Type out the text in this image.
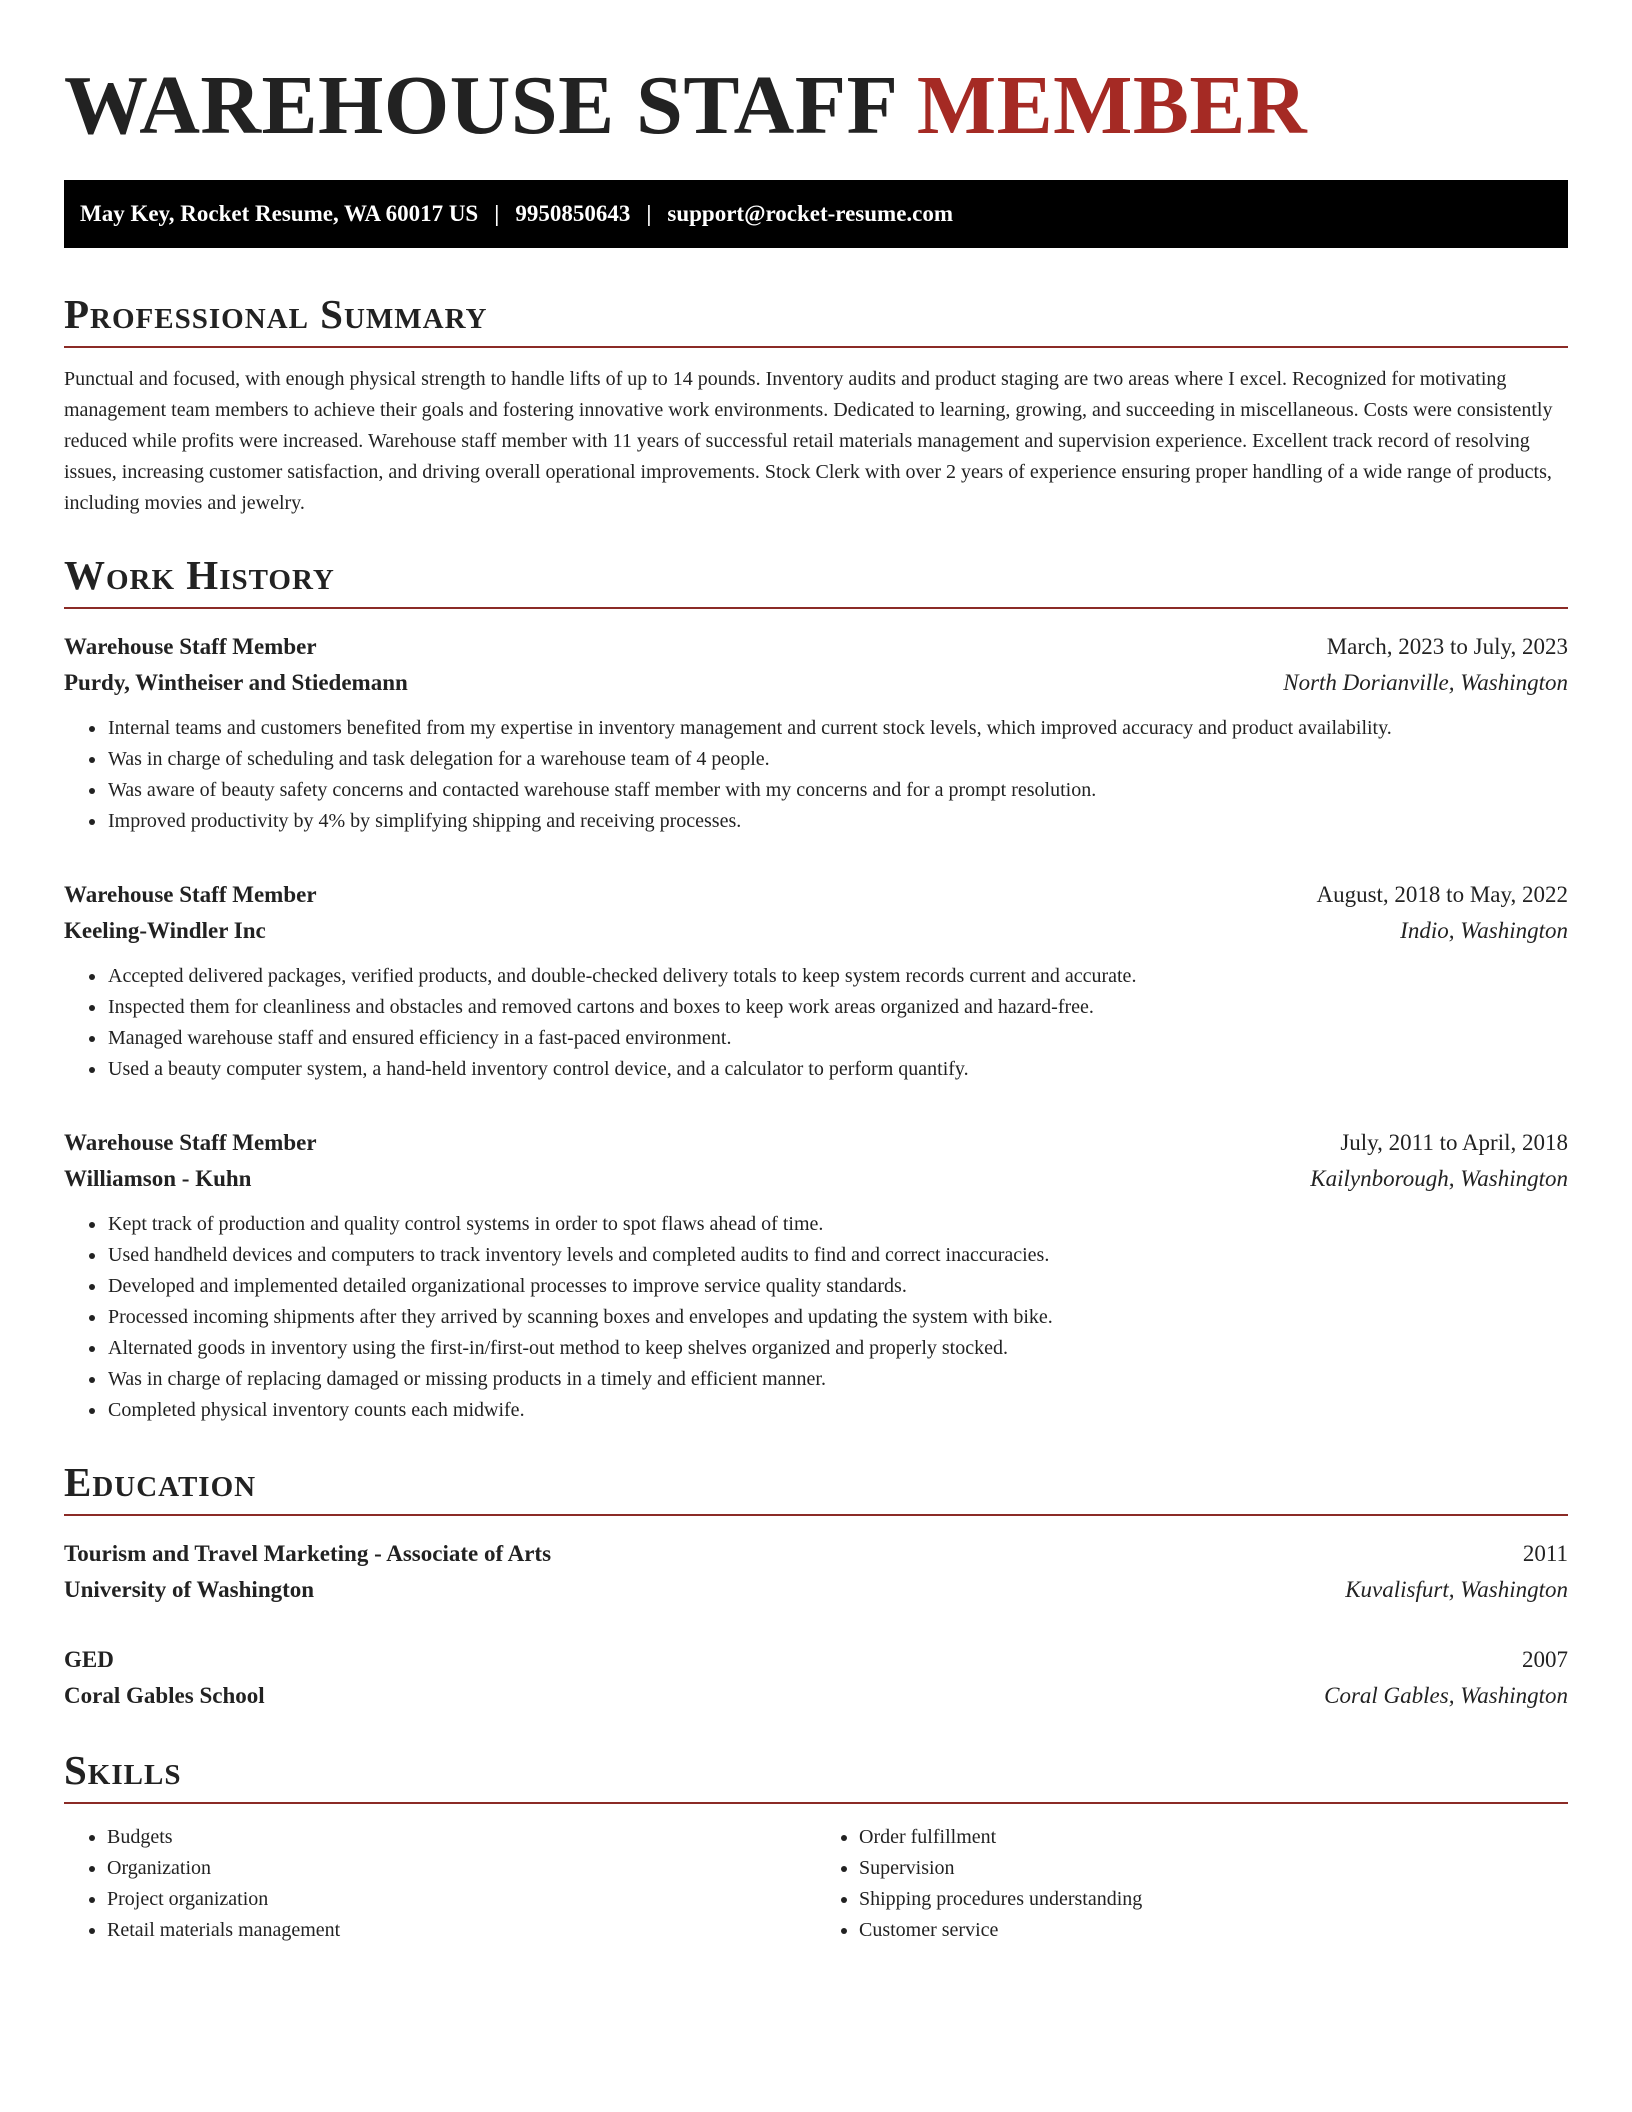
WAREHOUSE STAFF MEMBER
May Key, Rocket Resume, WA 60017 US | 9950850643 | support@rocket-resume.com
Professional Summary

Punctual and focused, with enough physical strength to handle lifts of up to 14 pounds. Inventory audits and product staging are two areas where I excel. Recognized for motivating management team members to achieve their goals and fostering innovative work environments. Dedicated to learning, growing, and succeeding in miscellaneous. Costs were consistently reduced while profits were increased. Warehouse staff member with 11 years of successful retail materials management and supervision experience. Excellent track record of resolving issues, increasing customer satisfaction, and driving overall operational improvements. Stock Clerk with over 2 years of experience ensuring proper handling of a wide range of products, including movies and jewelry.

Work History
Warehouse Staff Member	March, 2023 to July, 2023
Purdy, Wintheiser and Stiedemann	North Dorianville, Washington
• Internal teams and customers benefited from my expertise in inventory management and current stock levels, which improved accuracy and product availability.
• Was in charge of scheduling and task delegation for a warehouse team of 4 people.
• Was aware of beauty safety concerns and contacted warehouse staff member with my concerns and for a prompt resolution.
• Improved productivity by 4% by simplifying shipping and receiving processes.
Warehouse Staff Member	August, 2018 to May, 2022
Keeling-Windler Inc	Indio, Washington
• Accepted delivered packages, verified products, and double-checked delivery totals to keep system records current and accurate.
• Inspected them for cleanliness and obstacles and removed cartons and boxes to keep work areas organized and hazard-free.
• Managed warehouse staff and ensured efficiency in a fast-paced environment.
• Used a beauty computer system, a hand-held inventory control device, and a calculator to perform quantify.
Warehouse Staff Member	July, 2011 to April, 2018
Williamson - Kuhn	Kailynborough, Washington
• Kept track of production and quality control systems in order to spot flaws ahead of time.
• Used handheld devices and computers to track inventory levels and completed audits to find and correct inaccuracies.
• Developed and implemented detailed organizational processes to improve service quality standards.
• Processed incoming shipments after they arrived by scanning boxes and envelopes and updating the system with bike.
• Alternated goods in inventory using the first-in/first-out method to keep shelves organized and properly stocked.
• Was in charge of replacing damaged or missing products in a timely and efficient manner.
• Completed physical inventory counts each midwife.
Education
Tourism and Travel Marketing - Associate of Arts	2011
University of Washington	Kuvalisfurt, Washington
GED	2007
Coral Gables School	Coral Gables, Washington
Skills
• Budgets
• Organization
• Project organization
• Retail materials management
• Order fulfillment
• Supervision
• Shipping procedures understanding
• Customer service
